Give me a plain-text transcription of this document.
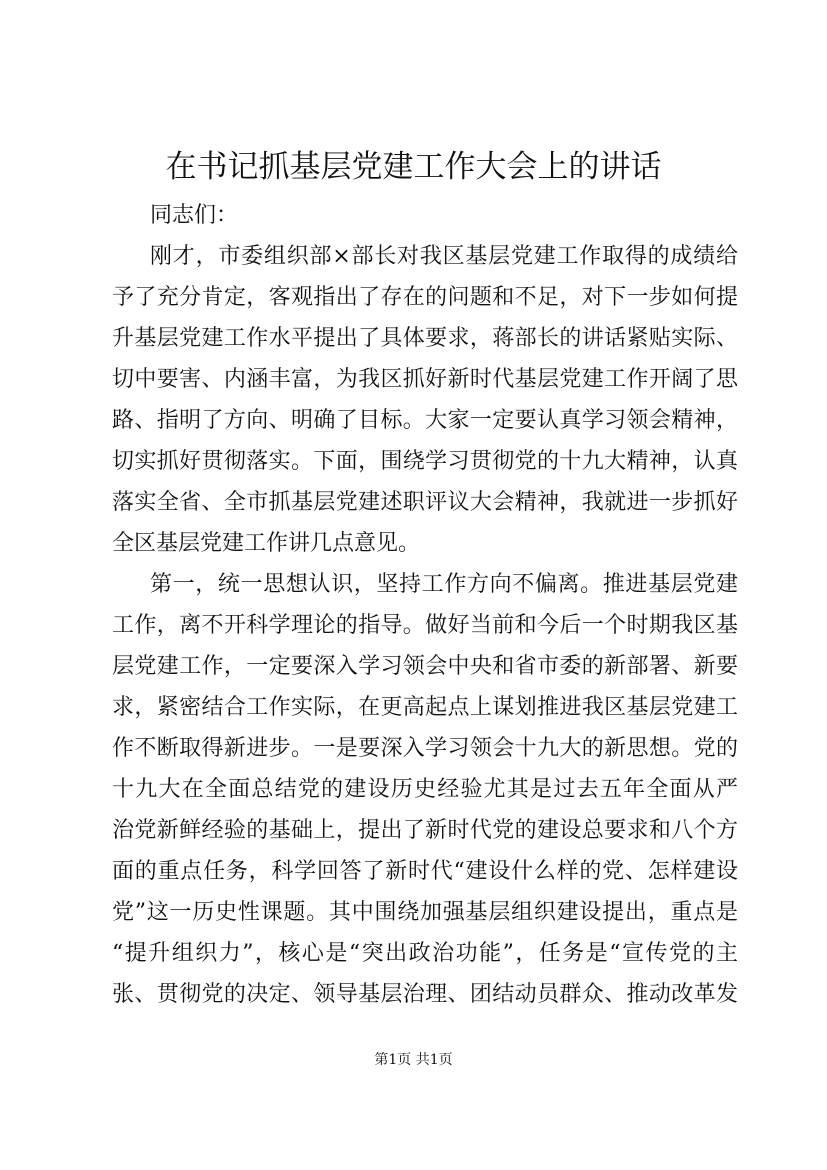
在书记抓基层党建工作大会上的讲话
同志们：
刚才，市委组织部×部长对我区基层党建工作取得的成绩给
予了充分肯定，客观指出了存在的问题和不足，对下一步如何提
升基层党建工作水平提出了具体要求，蒋部长的讲话紧贴实际、
切中要害、内涵丰富，为我区抓好新时代基层党建工作开阔了思
路、指明了方向、明确了目标。大家一定要认真学习领会精神，
切实抓好贯彻落实。下面，围绕学习贯彻党的十九大精神，认真
落实全省、全市抓基层党建述职评议大会精神，我就进一步抓好
全区基层党建工作讲几点意见。
第一，统一思想认识，坚持工作方向不偏离。推进基层党建
工作，离不开科学理论的指导。做好当前和今后一个时期我区基
层党建工作，一定要深入学习领会中央和省市委的新部署、新要
求，紧密结合工作实际，在更高起点上谋划推进我区基层党建工
作不断取得新进步。一是要深入学习领会十九大的新思想。党的
十九大在全面总结党的建设历史经验尤其是过去五年全面从严
治党新鲜经验的基础上，提出了新时代党的建设总要求和八个方
面的重点任务，科学回答了新时代“建设什么样的党、怎样建设
党”这一历史性课题。其中围绕加强基层组织建设提出，重点是
“提升组织力”，核心是“突出政治功能”，任务是“宣传党的主
张、贯彻党的决定、领导基层治理、团结动员群众、推动改革发
第1页 共1页
